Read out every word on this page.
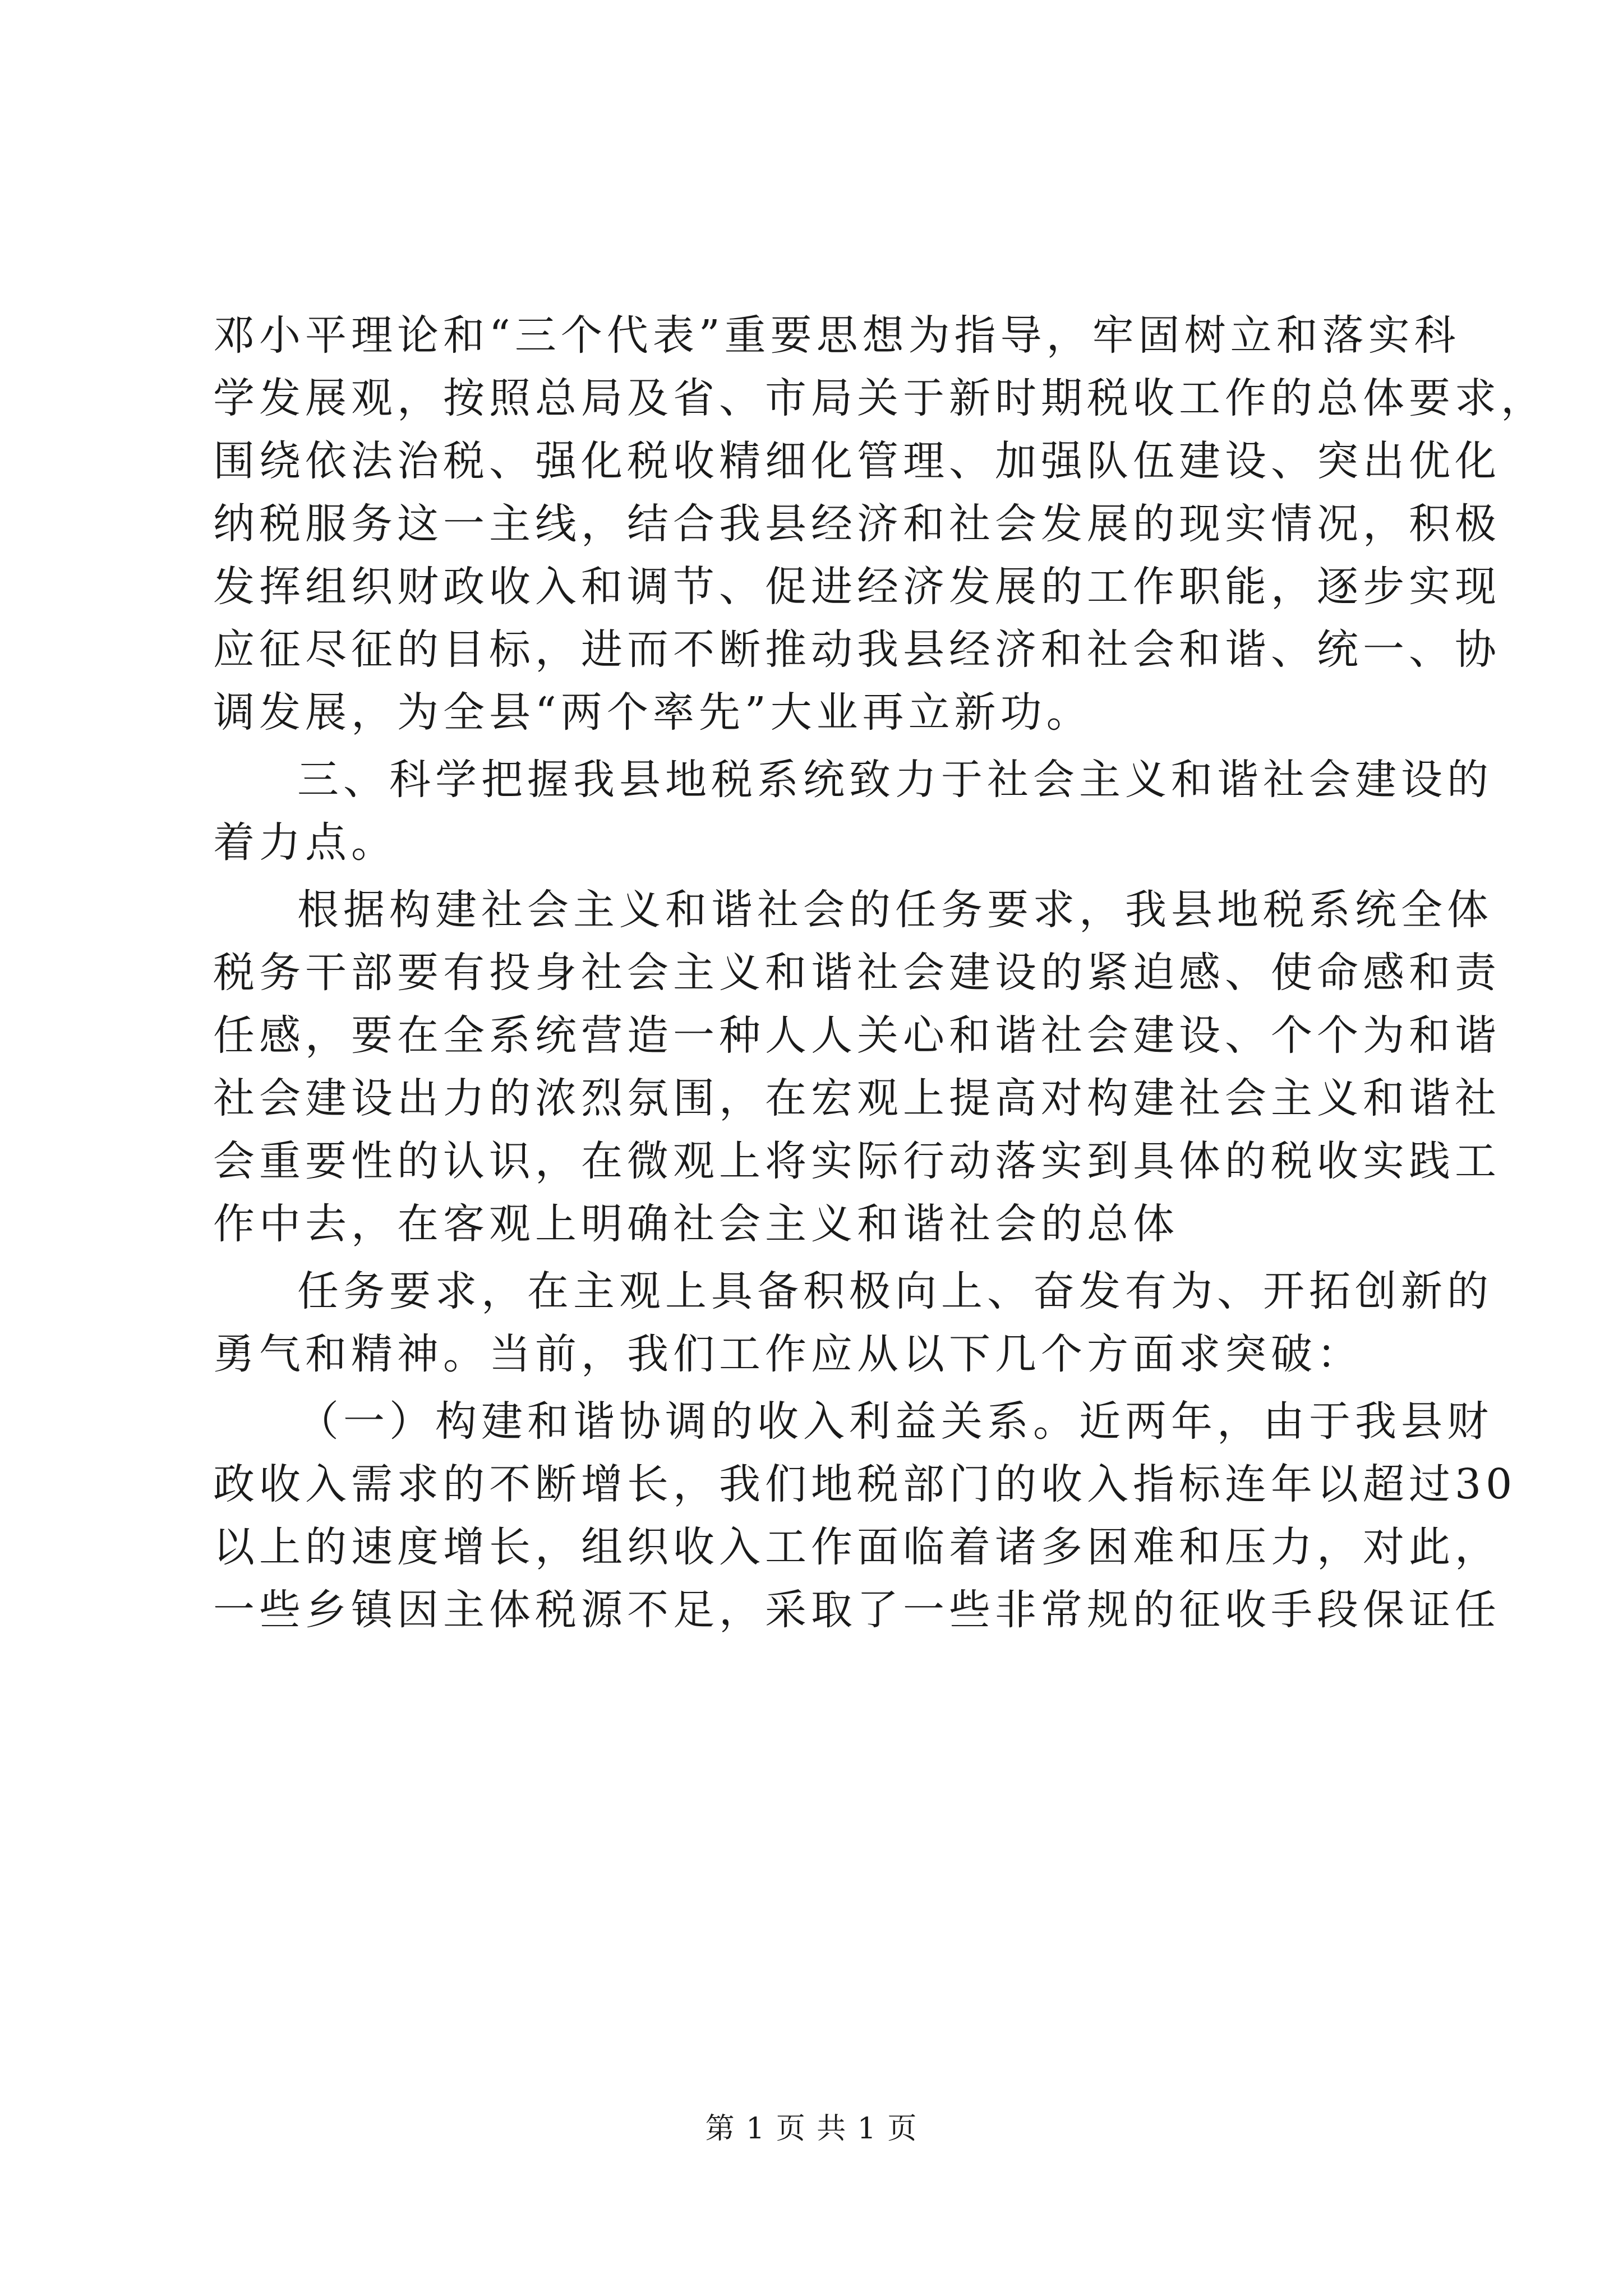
邓小平理论和“三个代表”重要思想为指导，牢固树立和落实科
学发展观，按照总局及省、市局关于新时期税收工作的总体要求，
围绕依法治税、强化税收精细化管理、加强队伍建设、突出优化
纳税服务这一主线，结合我县经济和社会发展的现实情况，积极
发挥组织财政收入和调节、促进经济发展的工作职能，逐步实现
应征尽征的目标，进而不断推动我县经济和社会和谐、统一、协
调发展，为全县“两个率先”大业再立新功。
三、科学把握我县地税系统致力于社会主义和谐社会建设的
着力点。
根据构建社会主义和谐社会的任务要求，我县地税系统全体
税务干部要有投身社会主义和谐社会建设的紧迫感、使命感和责
任感，要在全系统营造一种人人关心和谐社会建设、个个为和谐
社会建设出力的浓烈氛围，在宏观上提高对构建社会主义和谐社
会重要性的认识，在微观上将实际行动落实到具体的税收实践工
作中去，在客观上明确社会主义和谐社会的总体
任务要求，在主观上具备积极向上、奋发有为、开拓创新的
勇气和精神。当前，我们工作应从以下几个方面求突破：
（一）构建和谐协调的收入利益关系。近两年，由于我县财
政收入需求的不断增长，我们地税部门的收入指标连年以超过30
以上的速度增长，组织收入工作面临着诸多困难和压力，对此，
一些乡镇因主体税源不足，采取了一些非常规的征收手段保证任
第 1 页 共 1 页
